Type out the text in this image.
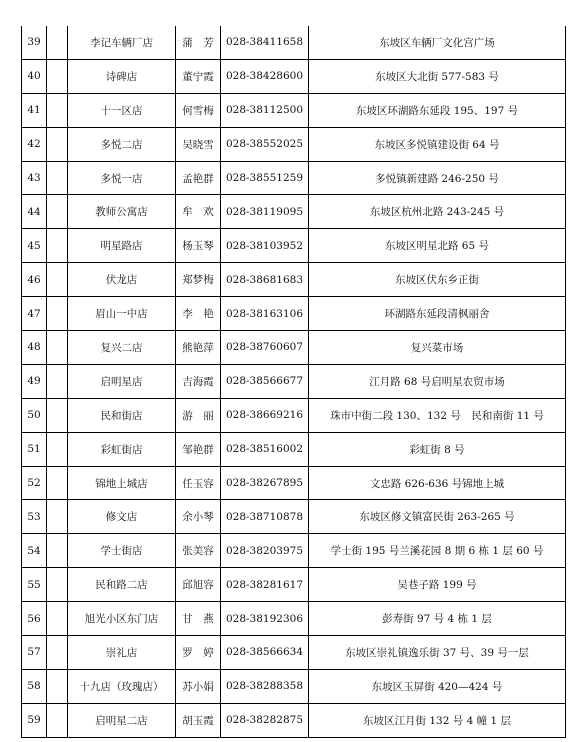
39		李记车辆厂店	蒲　芳	028-38411658	东坡区车辆厂文化宫广场
40		诗碑店	董宁霞	028-38428600	东坡区大北街 577-583 号
41		十一区店	何雪梅	028-38112500	东坡区环湖路东延段 195、197 号
42		多悦二店	吴晓雪	028-38552025	东坡区多悦镇建设街 64 号
43		多悦一店	孟艳群	028-38551259	多悦镇新建路 246-250 号
44		教师公寓店	牟　欢	028-38119095	东坡区杭州北路 243-245 号
45		明星路店	杨玉琴	028-38103952	东坡区明星北路 65 号
46		伏龙店	郑梦梅	028-38681683	东坡区伏东乡正街
47		眉山一中店	李　艳	028-38163106	环湖路东延段清枫丽舍
48		复兴二店	熊艳萍	028-38760607	复兴菜市场
49		启明星店	吉海霞	028-38566677	江月路 68 号启明星农贸市场
50		民和街店	游　丽	028-38669216	珠市中街二段 130、132 号　民和南街 11 号
51		彩虹街店	邹艳群	028-38516002	彩虹街 8 号
52		锦地上城店	任玉容	028-38267895	文忠路 626-636 号锦地上城
53		修文店	余小琴	028-38710878	东坡区修文镇富民街 263-265 号
54		学士街店	张美容	028-38203975	学士街 195 号兰溪花园 8 期 6 栋 1 层 60 号
55		民和路二店	邱旭容	028-38281617	吴巷子路 199 号
56		旭光小区东门店	甘　燕	028-38192306	彭寿街 97 号 4 栋 1 层
57		崇礼店	罗　婷	028-38566634	东坡区崇礼镇逸乐街 37 号、39 号一层
58		十九店（玫瑰店）	苏小娟	028-38288358	东坡区玉屏街 420—424 号
59		启明星二店	胡玉霞	028-38282875	东坡区江月街 132 号 4 幢 1 层
